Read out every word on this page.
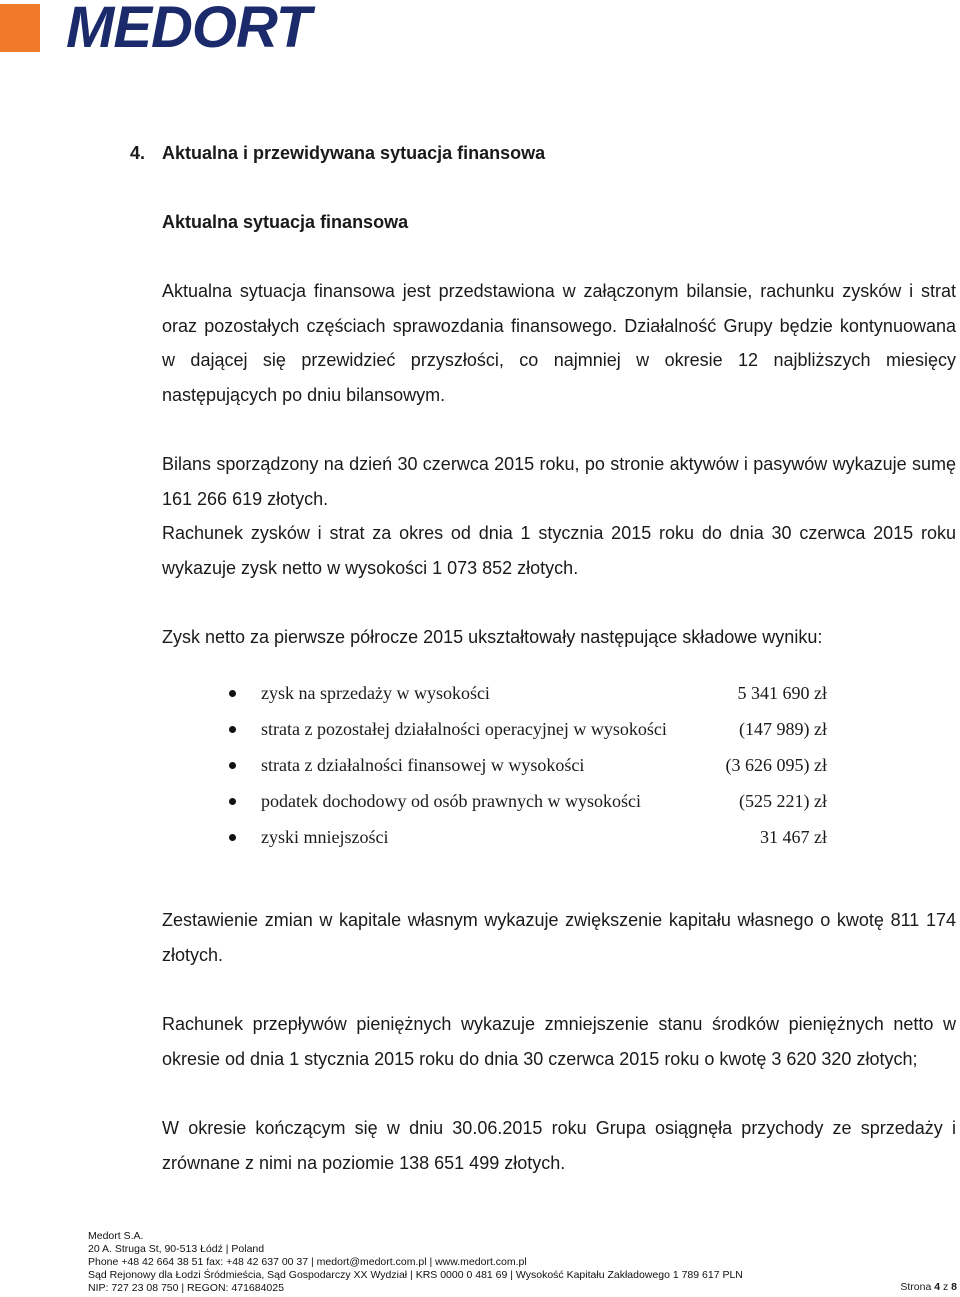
MEDORT
4. Aktualna i przewidywana sytuacja finansowa
Aktualna sytuacja finansowa

Aktualna sytuacja finansowa jest przedstawiona w załączonym bilansie, rachunku zysków i strat oraz pozostałych częściach sprawozdania finansowego. Działalność Grupy będzie kontynuowana w dającej się przewidzieć przyszłości, co najmniej w okresie 12 najbliższych miesięcy następujących po dniu bilansowym.

Bilans sporządzony na dzień 30 czerwca 2015 roku, po stronie aktywów i pasywów wykazuje sumę 161 266 619 złotych.

Rachunek zysków i strat za okres od dnia 1 stycznia 2015 roku do dnia 30 czerwca 2015 roku wykazuje zysk netto w wysokości 1 073 852 złotych.

Zysk netto za pierwsze półrocze 2015 ukształtowały następujące składowe wyniku:

zysk na sprzedaży w wysokości	5 341 690 zł
strata z pozostałej działalności operacyjnej w wysokości	(147 989) zł
strata z działalności finansowej w wysokości	(3 626 095) zł
podatek dochodowy od osób prawnych w wysokości	(525 221) zł
zyski mniejszości	31 467 zł

Zestawienie zmian w kapitale własnym wykazuje zwiększenie kapitału własnego o kwotę 811 174 złotych.

Rachunek przepływów pieniężnych wykazuje zmniejszenie stanu środków pieniężnych netto w okresie od dnia 1 stycznia 2015 roku do dnia 30 czerwca 2015 roku o kwotę 3 620 320 złotych;

W okresie kończącym się w dniu 30.06.2015 roku Grupa osiągnęła przychody ze sprzedaży i zrównane z nimi na poziomie 138 651 499 złotych.

Medort S.A.
20 A. Struga St, 90-513 Łódź | Poland
Phone +48 42 664 38 51 fax: +48 42 637 00 37 | medort@medort.com.pl | www.medort.com.pl
Sąd Rejonowy dla Łodzi Śródmieścia, Sąd Gospodarczy XX Wydział | KRS 0000 0 481 69 | Wysokość Kapitału Zakładowego 1 789 617 PLN
NIP: 727 23 08 750 | REGON: 471684025	Strona 4 z 8
